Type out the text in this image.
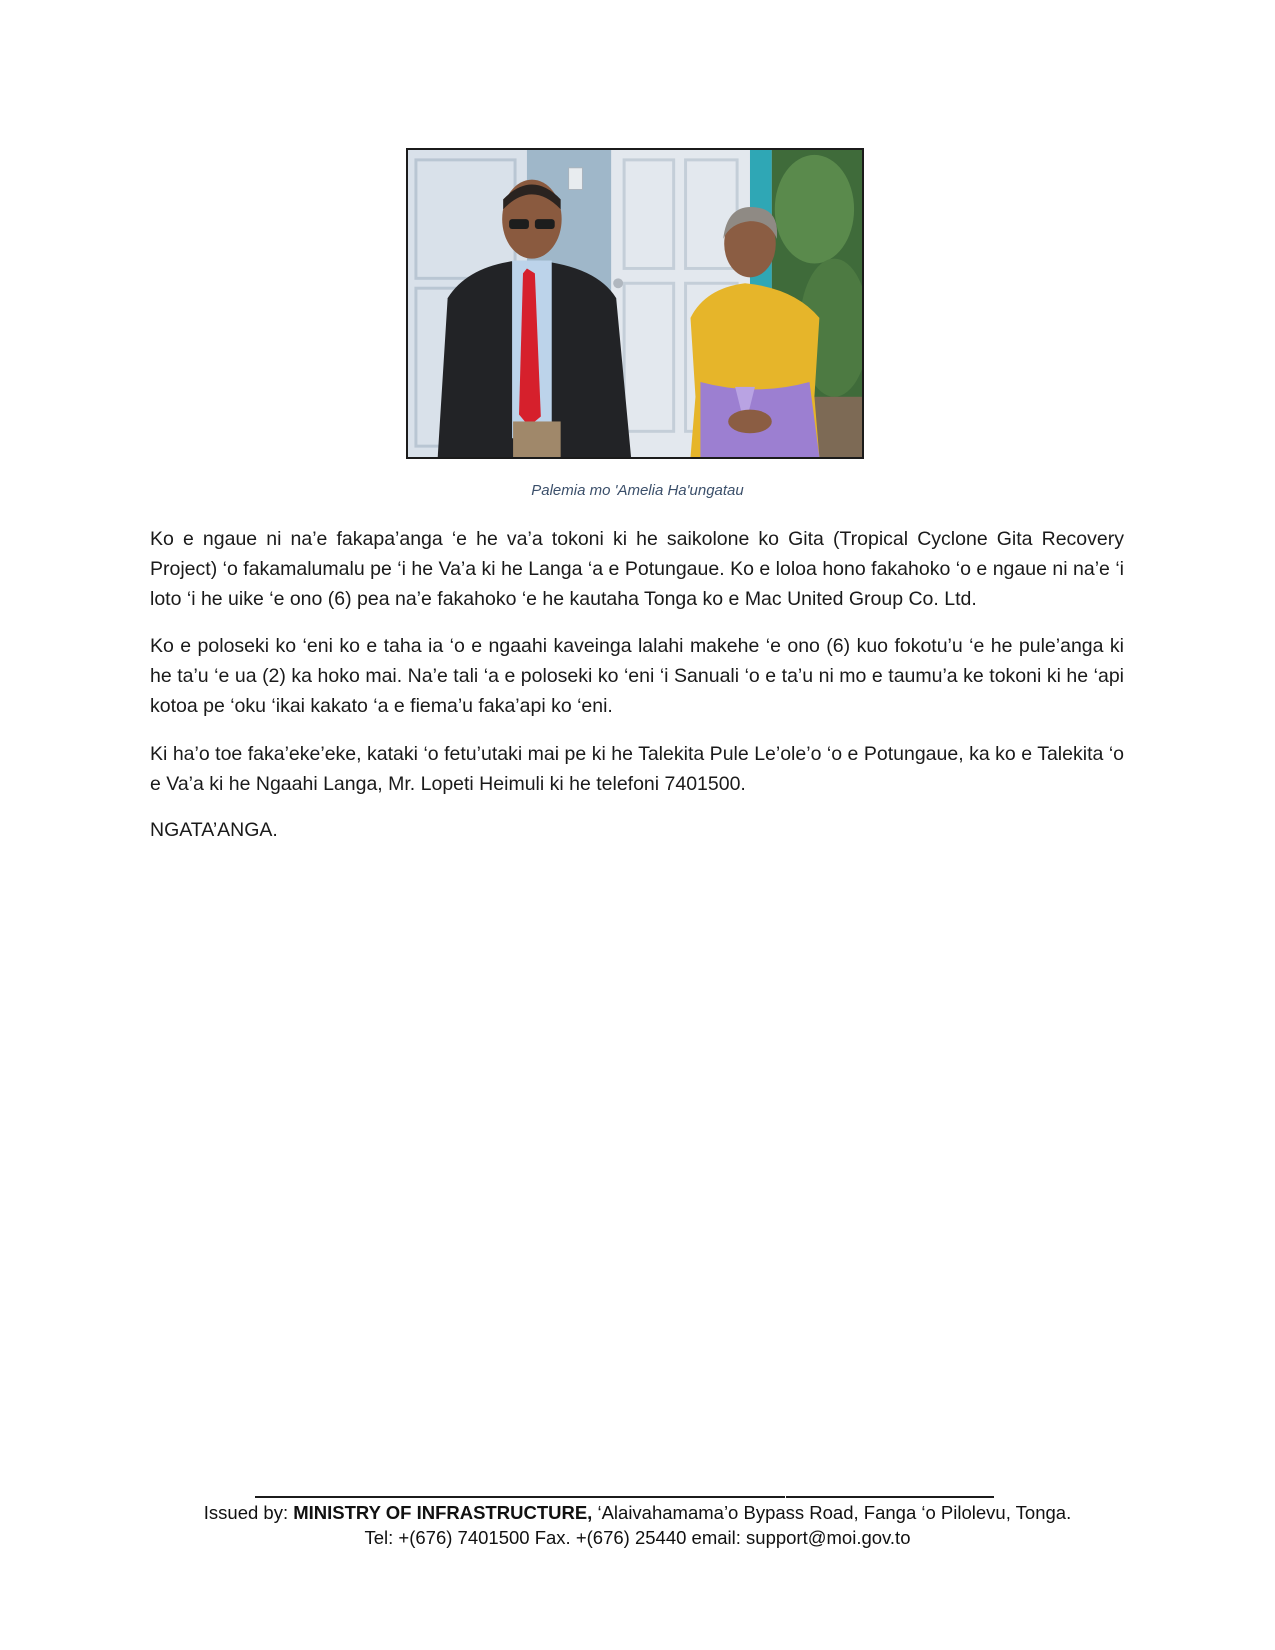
Palemia mo 'Amelia Ha'ungatau

Ko e ngaue ni na’e fakapa’anga ‘e he va’a tokoni ki he saikolone ko Gita (Tropical Cyclone Gita Recovery Project) ‘o fakamalumalu pe ‘i he Va’a ki he Langa ‘a e Potungaue. Ko e loloa hono fakahoko ‘o e ngaue ni na’e ‘i loto ‘i he uike ‘e ono (6) pea na’e fakahoko ‘e he kautaha Tonga ko e Mac United Group Co. Ltd.

Ko e poloseki ko ‘eni ko e taha ia ‘o e ngaahi kaveinga lalahi makehe ‘e ono (6) kuo fokotu’u ‘e he pule’anga ki he ta’u ‘e ua (2) ka hoko mai. Na’e tali ‘a e poloseki ko ‘eni ‘i Sanuali ‘o e ta’u ni mo e taumu’a ke tokoni ki he ‘api kotoa pe ‘oku ‘ikai kakato ‘a e fiema’u faka’api ko ‘eni.

Ki ha’o toe faka’eke’eke, kataki ‘o fetu’utaki mai pe ki he Talekita Pule Le’ole’o ‘o e Potungaue, ka ko e Talekita ‘o e Va’a ki he Ngaahi Langa, Mr. Lopeti Heimuli ki he telefoni 7401500.

NGATA’ANGA.

Issued by: MINISTRY OF INFRASTRUCTURE, ‘Alaivahamama’o Bypass Road, Fanga ‘o Pilolevu, Tonga.
Tel: +(676) 7401500 Fax. +(676) 25440 email: support@moi.gov.to
